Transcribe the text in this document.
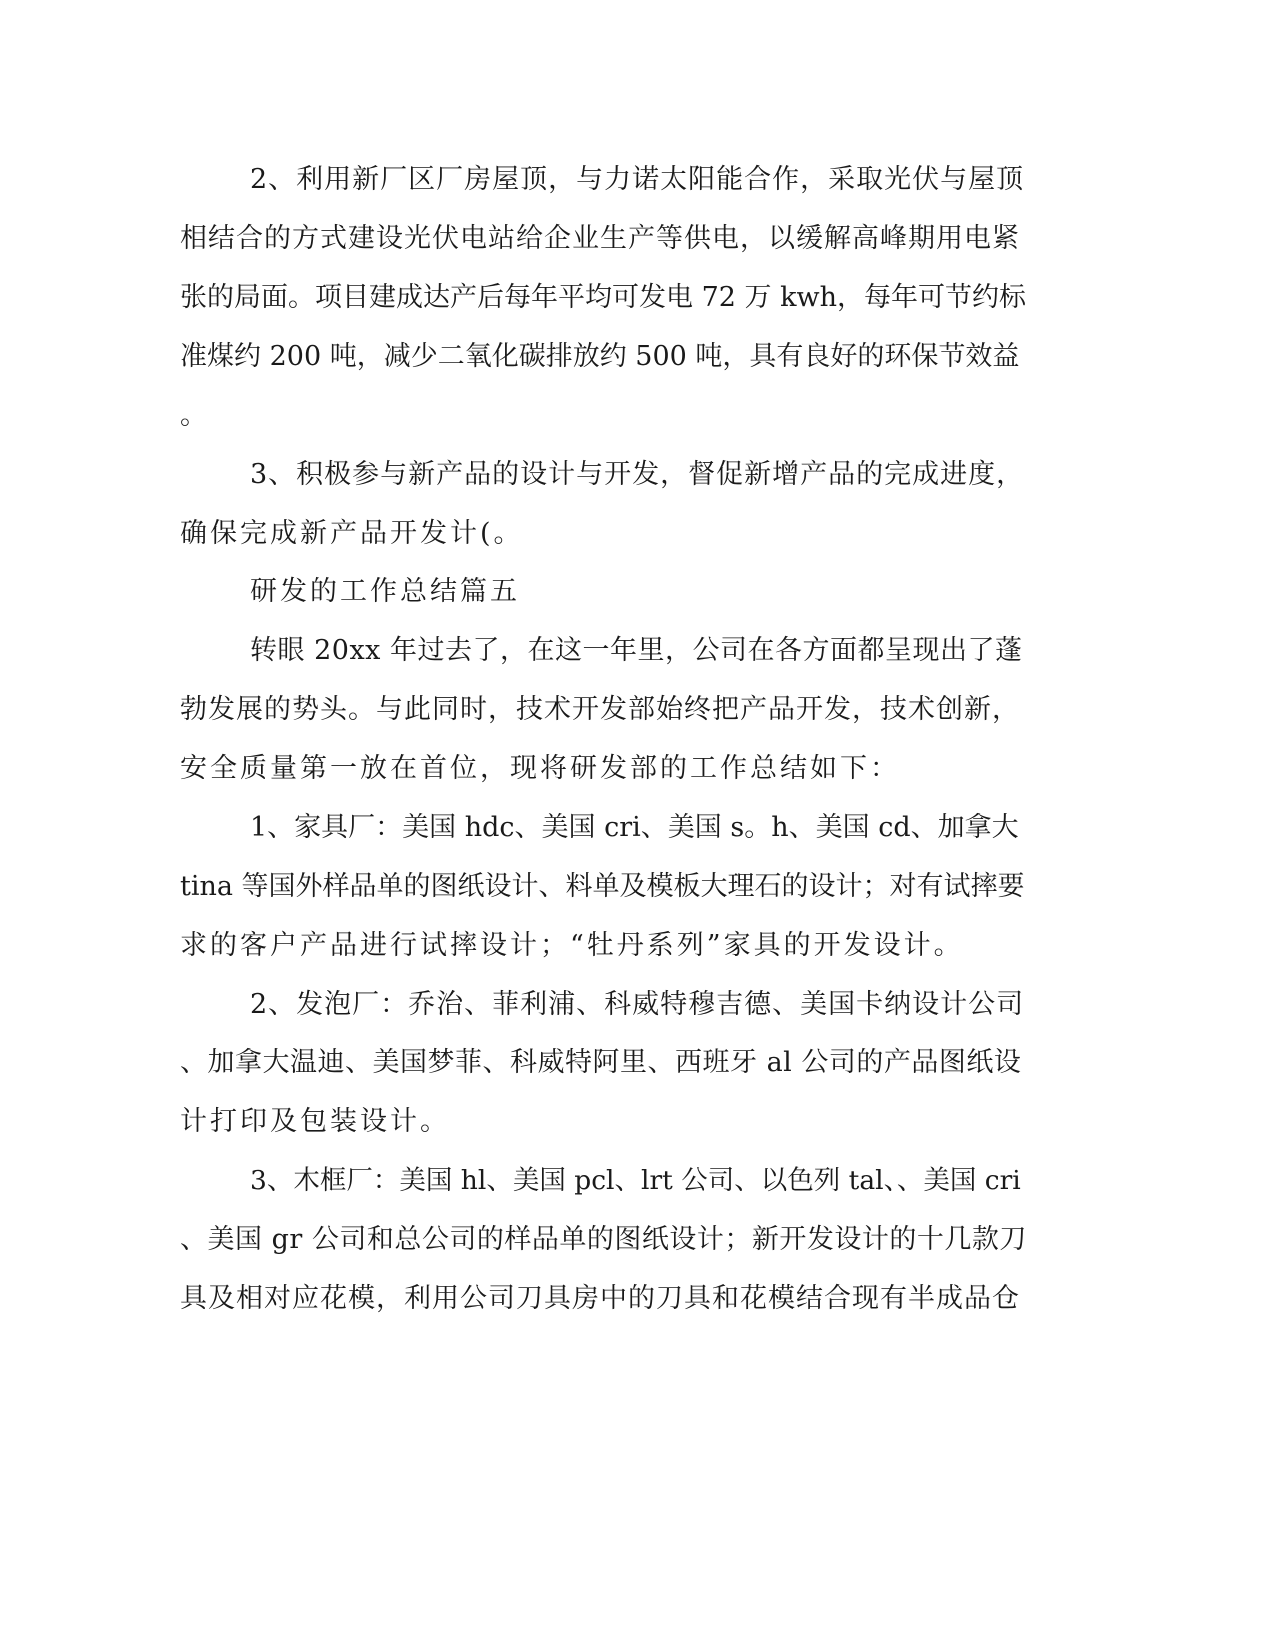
2、利用新厂区厂房屋顶，与力诺太阳能合作，采取光伏与屋顶

相结合的方式建设光伏电站给企业生产等供电，以缓解高峰期用电紧

张的局面。项目建成达产后每年平均可发电 72 万 kwh，每年可节约标

准煤约 200 吨，减少二氧化碳排放约 500 吨，具有良好的环保节效益

。

3、积极参与新产品的设计与开发，督促新增产品的完成进度，

确保完成新产品开发计(。

研发的工作总结篇五

转眼 20xx 年过去了，在这一年里，公司在各方面都呈现出了蓬

勃发展的势头。与此同时，技术开发部始终把产品开发，技术创新，

安全质量第一放在首位，现将研发部的工作总结如下：

1、家具厂：美国 hdc、美国 cri、美国 s。h、美国 cd、加拿大

tina 等国外样品单的图纸设计、料单及模板大理石的设计；对有试摔要

求的客户产品进行试摔设计；“牡丹系列”家具的开发设计。

2、发泡厂：乔治、菲利浦、科威特穆吉德、美国卡纳设计公司

、加拿大温迪、美国梦菲、科威特阿里、西班牙 al 公司的产品图纸设

计打印及包装设计。

3、木框厂：美国 hl、美国 pcl、lrt 公司、以色列 tal、、美国 cri

、美国 gr 公司和总公司的样品单的图纸设计；新开发设计的十几款刀

具及相对应花模，利用公司刀具房中的刀具和花模结合现有半成品仓
